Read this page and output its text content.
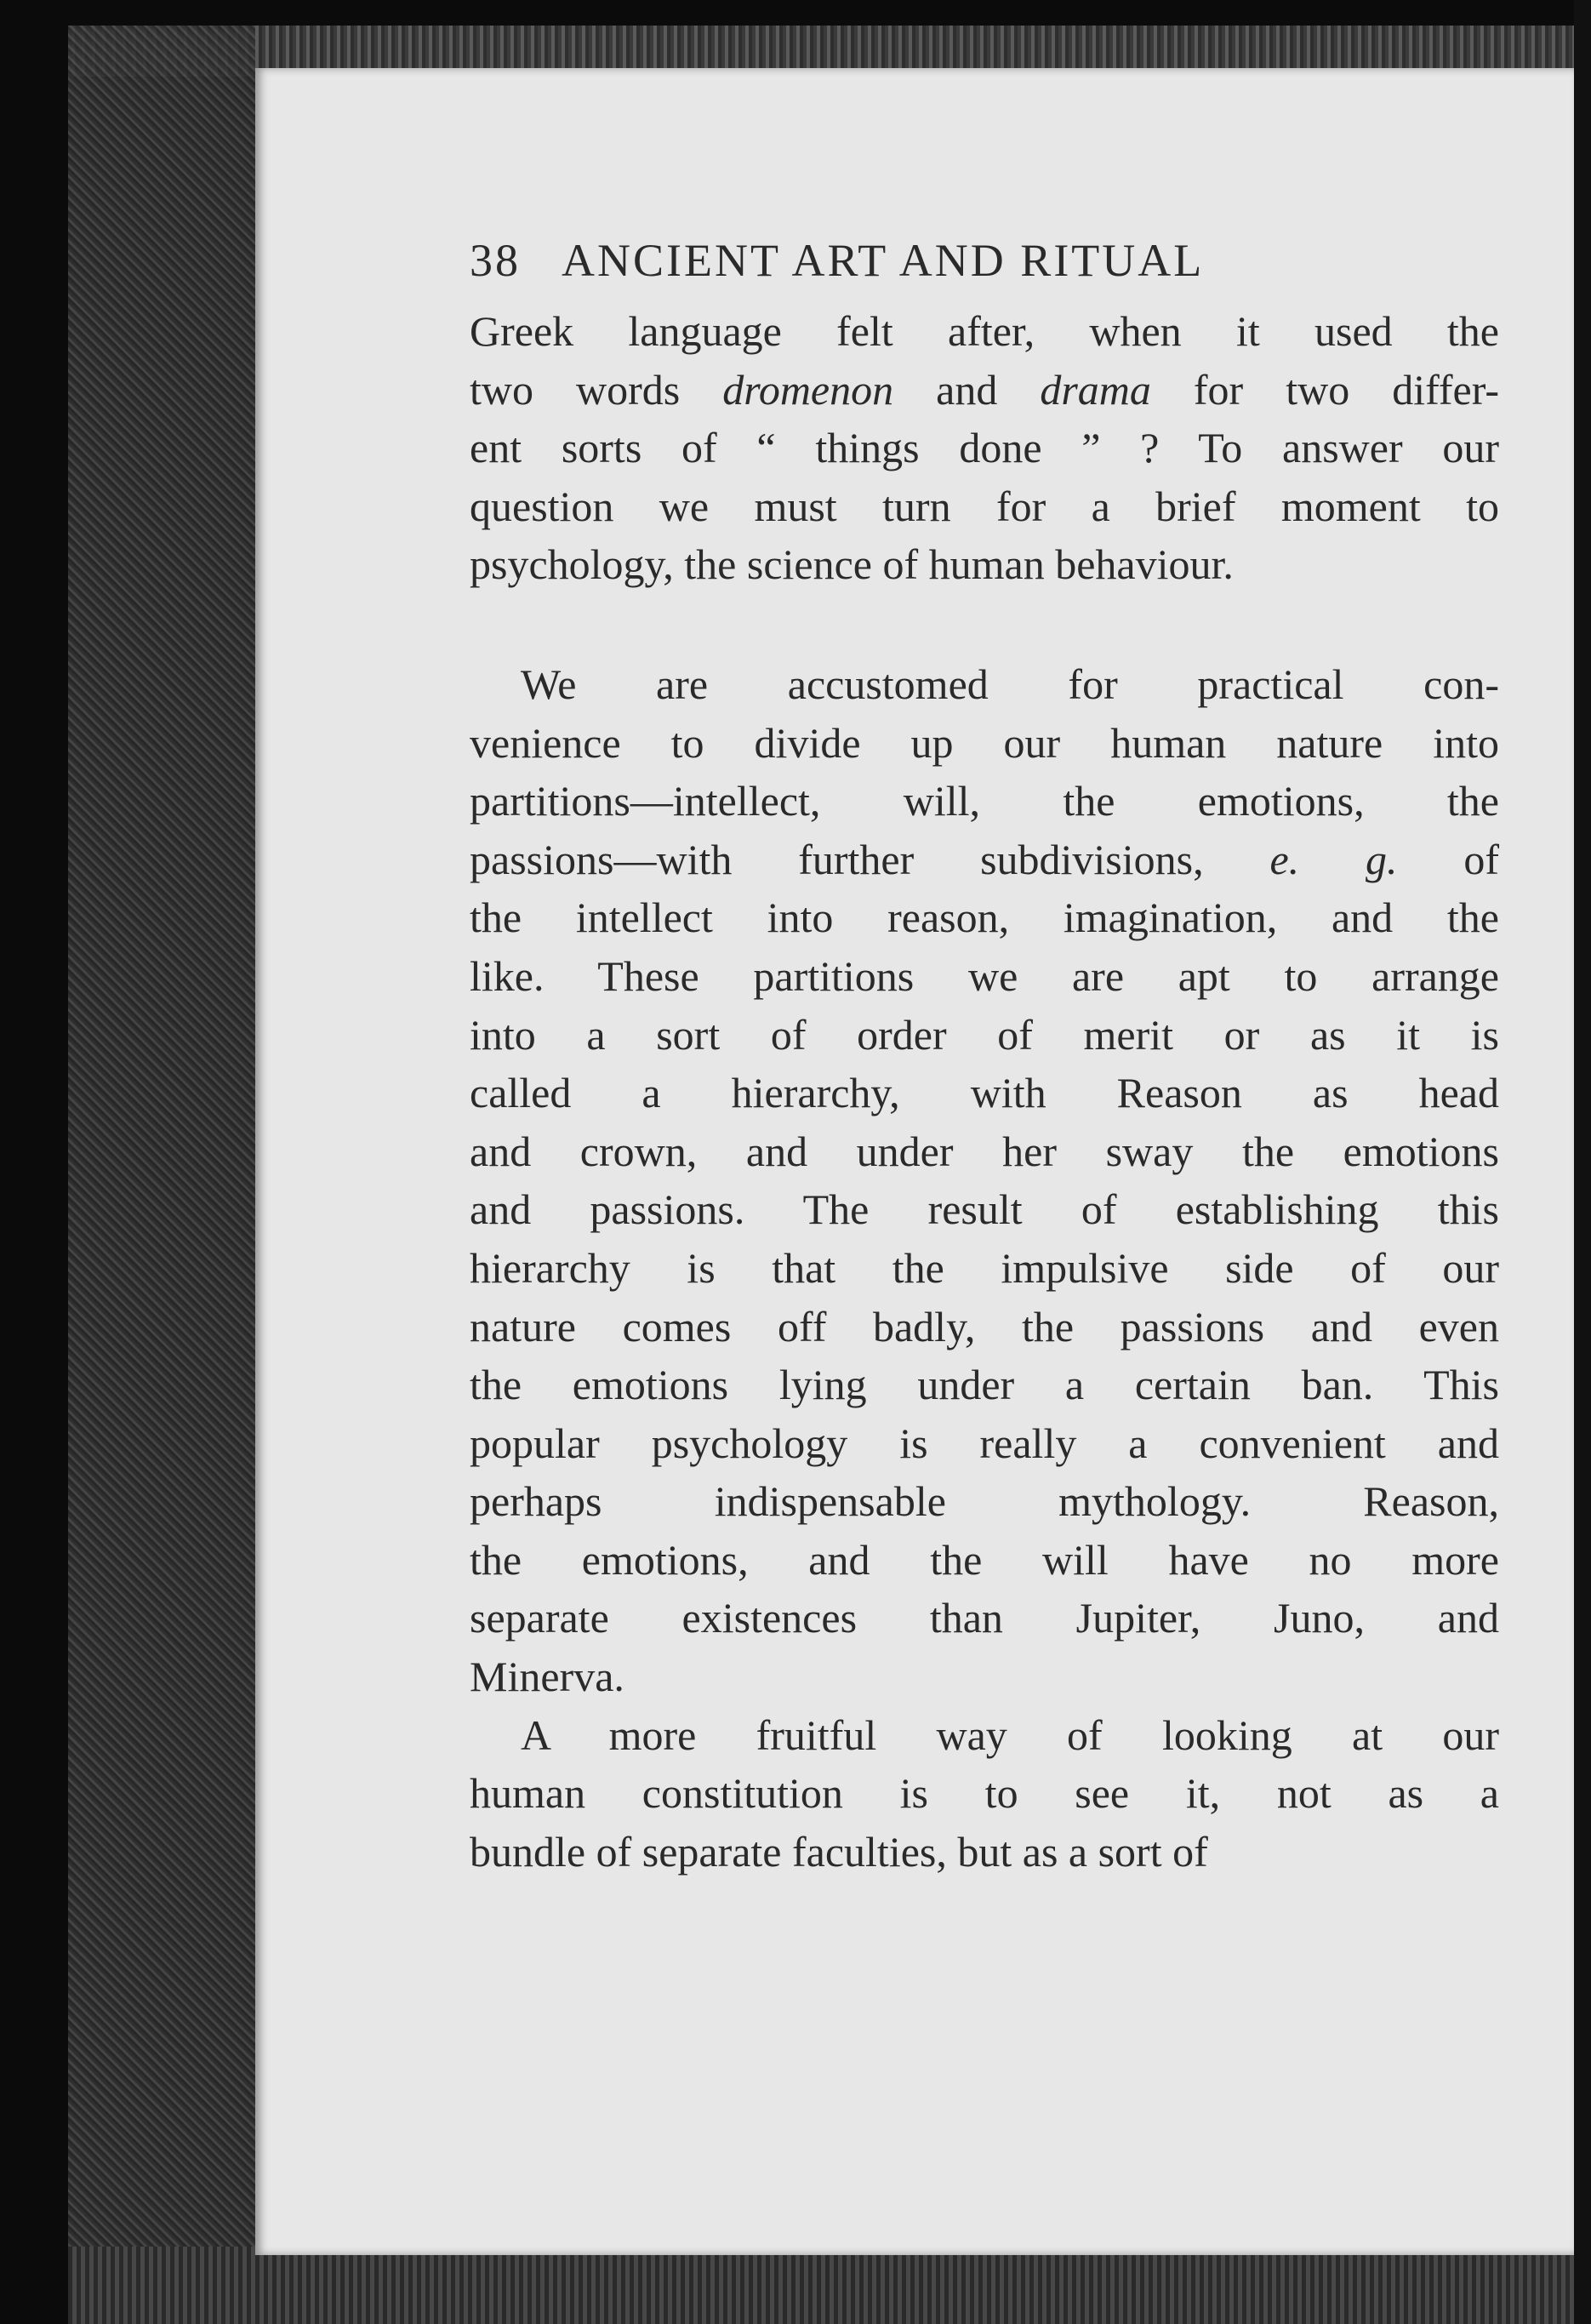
38 ANCIENT ART AND RITUAL
Greek language felt after, when it used the
two words dromenon and drama for two differ-
ent sorts of “ things done ” ? To answer our
question we must turn for a brief moment to
psychology, the science of human behaviour.
We are accustomed for practical con-
venience to divide up our human nature into
partitions—intellect, will, the emotions, the
passions—with further subdivisions, e. g. of
the intellect into reason, imagination, and the
like. These partitions we are apt to arrange
into a sort of order of merit or as it is
called a hierarchy, with Reason as head
and crown, and under her sway the emotions
and passions. The result of establishing this
hierarchy is that the impulsive side of our
nature comes off badly, the passions and even
the emotions lying under a certain ban. This
popular psychology is really a convenient and
perhaps indispensable mythology. Reason,
the emotions, and the will have no more
separate existences than Jupiter, Juno, and
Minerva.
A more fruitful way of looking at our
human constitution is to see it, not as a
bundle of separate faculties, but as a sort of
